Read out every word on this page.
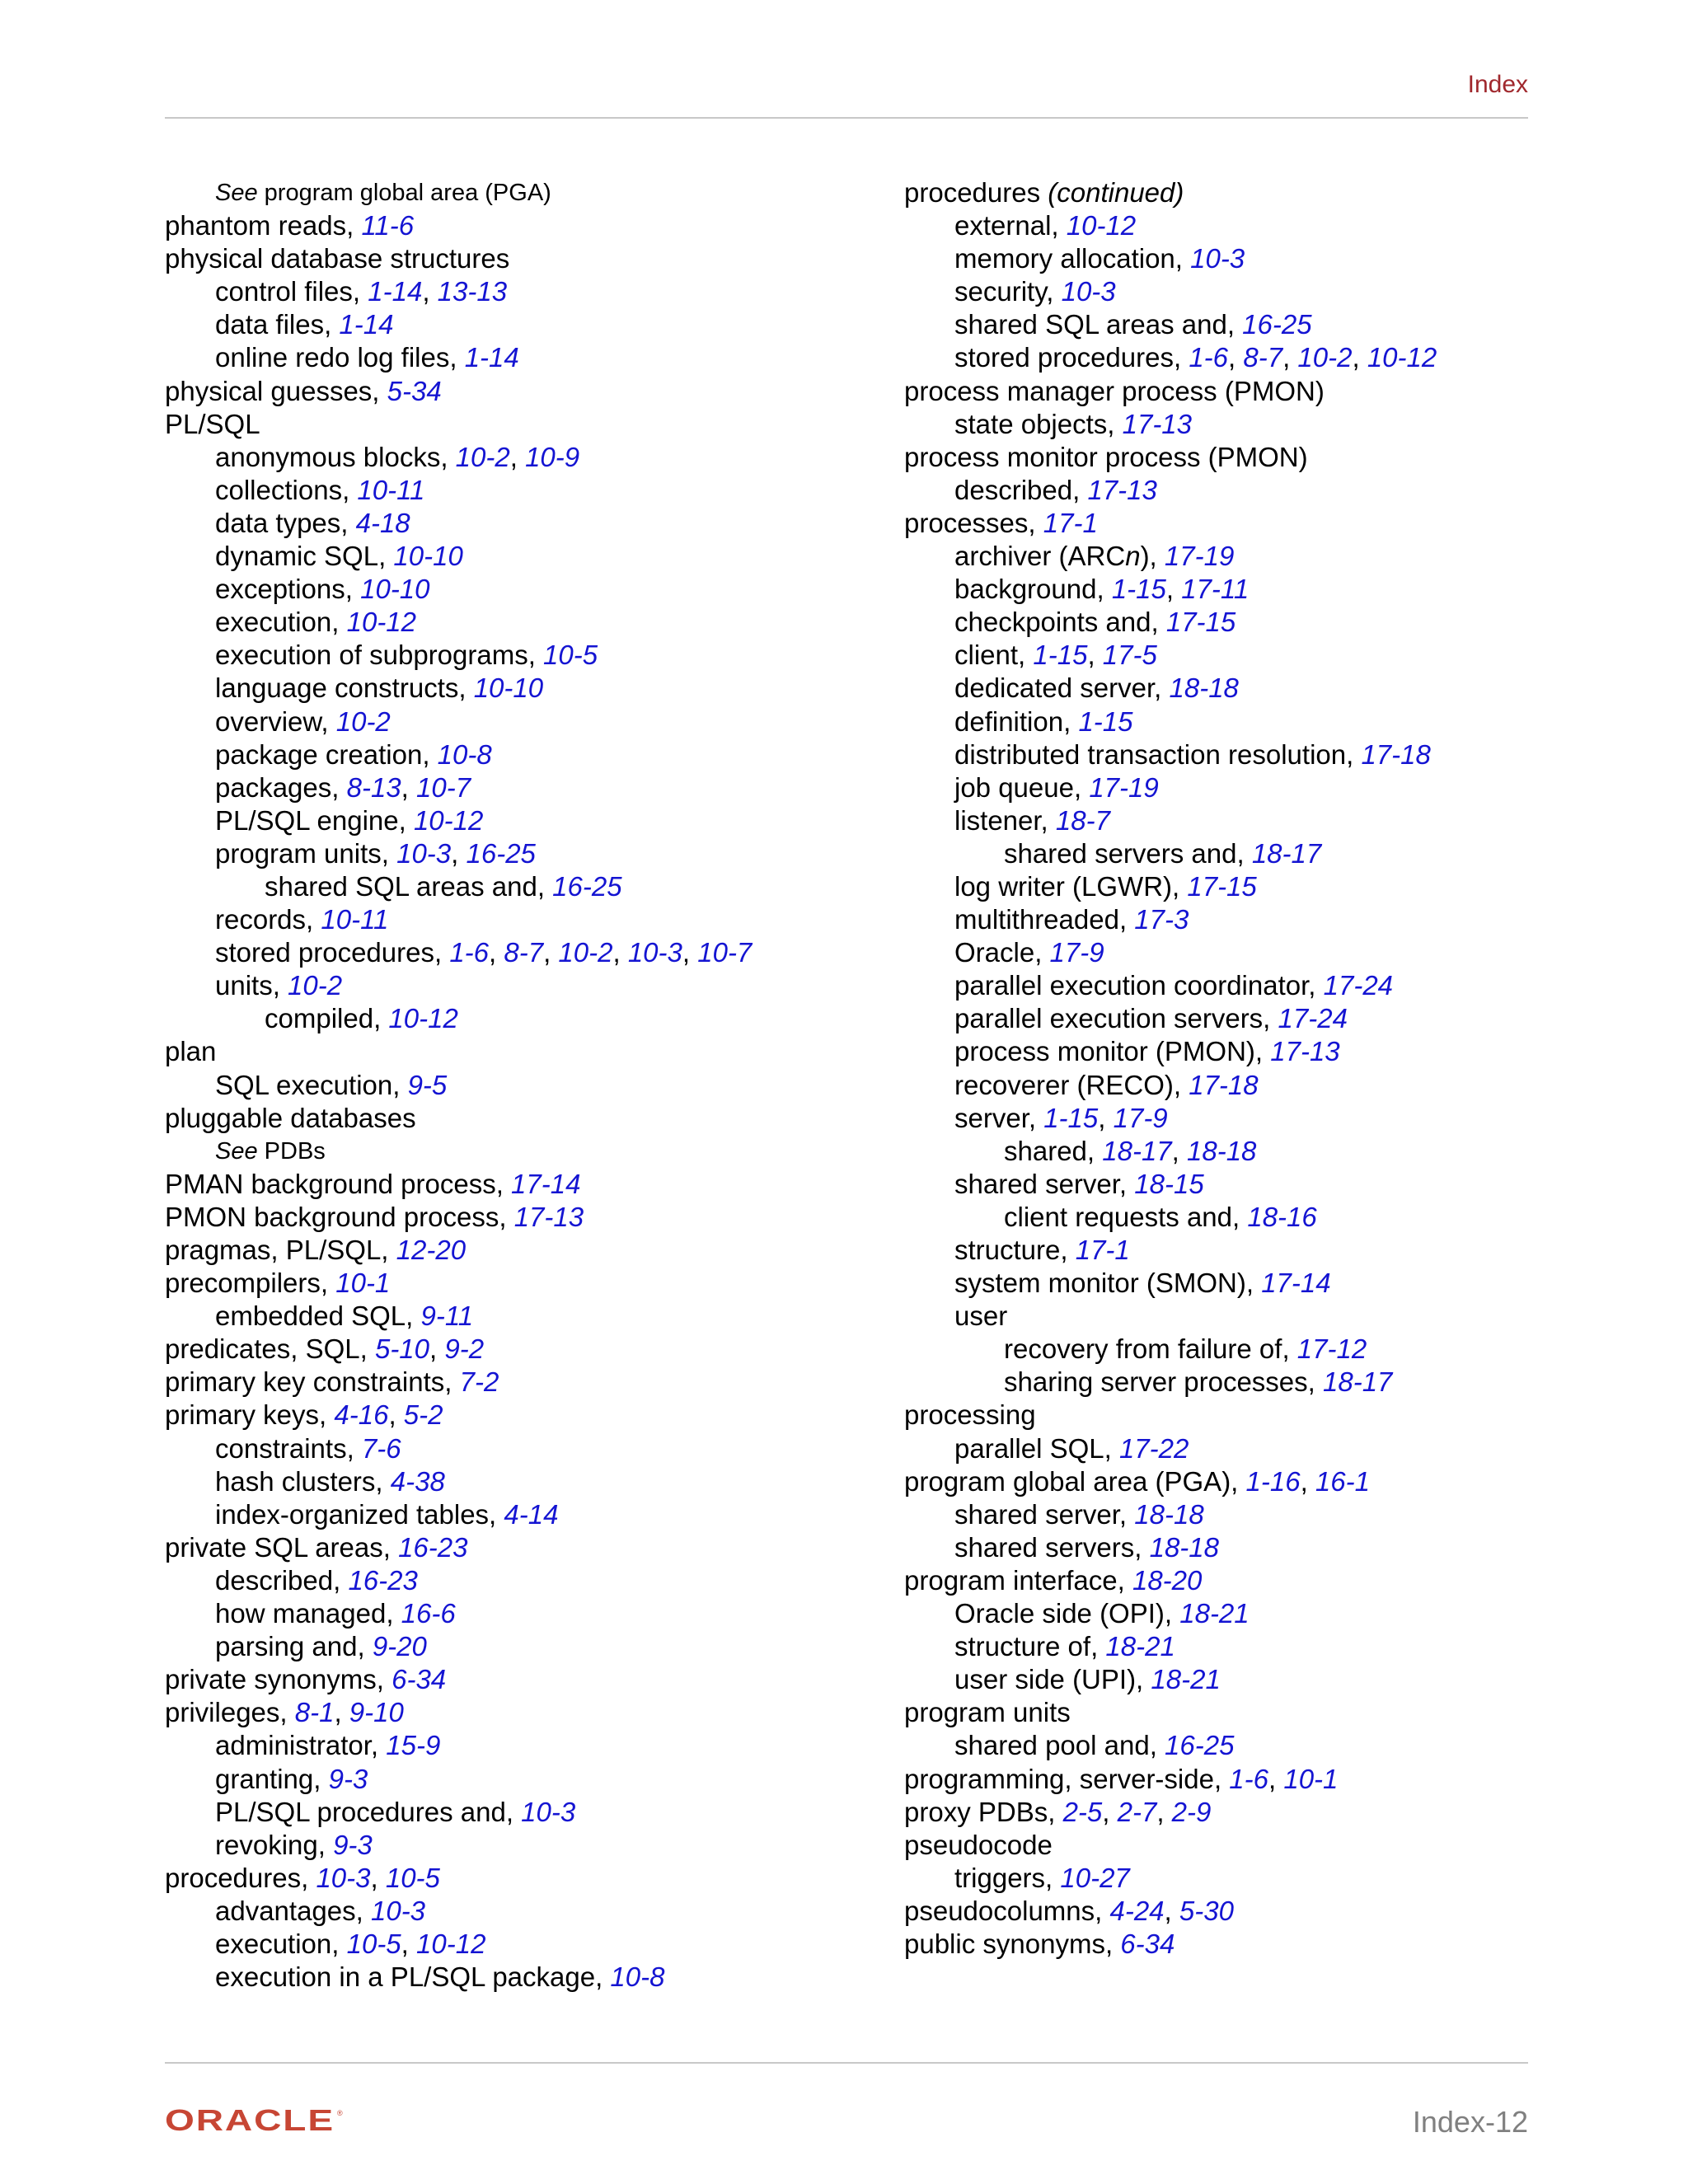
Index
See program global area (PGA)
phantom reads, 11-6
physical database structures
control files, 1-14, 13-13
data files, 1-14
online redo log files, 1-14
physical guesses, 5-34
PL/SQL
anonymous blocks, 10-2, 10-9
collections, 10-11
data types, 4-18
dynamic SQL, 10-10
exceptions, 10-10
execution, 10-12
execution of subprograms, 10-5
language constructs, 10-10
overview, 10-2
package creation, 10-8
packages, 8-13, 10-7
PL/SQL engine, 10-12
program units, 10-3, 16-25
shared SQL areas and, 16-25
records, 10-11
stored procedures, 1-6, 8-7, 10-2, 10-3, 10-7
units, 10-2
compiled, 10-12
plan
SQL execution, 9-5
pluggable databases
See PDBs
PMAN background process, 17-14
PMON background process, 17-13
pragmas, PL/SQL, 12-20
precompilers, 10-1
embedded SQL, 9-11
predicates, SQL, 5-10, 9-2
primary key constraints, 7-2
primary keys, 4-16, 5-2
constraints, 7-6
hash clusters, 4-38
index-organized tables, 4-14
private SQL areas, 16-23
described, 16-23
how managed, 16-6
parsing and, 9-20
private synonyms, 6-34
privileges, 8-1, 9-10
administrator, 15-9
granting, 9-3
PL/SQL procedures and, 10-3
revoking, 9-3
procedures, 10-3, 10-5
advantages, 10-3
execution, 10-5, 10-12
execution in a PL/SQL package, 10-8
procedures (continued)
external, 10-12
memory allocation, 10-3
security, 10-3
shared SQL areas and, 16-25
stored procedures, 1-6, 8-7, 10-2, 10-12
process manager process (PMON)
state objects, 17-13
process monitor process (PMON)
described, 17-13
processes, 17-1
archiver (ARCn), 17-19
background, 1-15, 17-11
checkpoints and, 17-15
client, 1-15, 17-5
dedicated server, 18-18
definition, 1-15
distributed transaction resolution, 17-18
job queue, 17-19
listener, 18-7
shared servers and, 18-17
log writer (LGWR), 17-15
multithreaded, 17-3
Oracle, 17-9
parallel execution coordinator, 17-24
parallel execution servers, 17-24
process monitor (PMON), 17-13
recoverer (RECO), 17-18
server, 1-15, 17-9
shared, 18-17, 18-18
shared server, 18-15
client requests and, 18-16
structure, 17-1
system monitor (SMON), 17-14
user
recovery from failure of, 17-12
sharing server processes, 18-17
processing
parallel SQL, 17-22
program global area (PGA), 1-16, 16-1
shared server, 18-18
shared servers, 18-18
program interface, 18-20
Oracle side (OPI), 18-21
structure of, 18-21
user side (UPI), 18-21
program units
shared pool and, 16-25
programming, server-side, 1-6, 10-1
proxy PDBs, 2-5, 2-7, 2-9
pseudocode
triggers, 10-27
pseudocolumns, 4-24, 5-30
public synonyms, 6-34
ORACLE ®	Index-12
